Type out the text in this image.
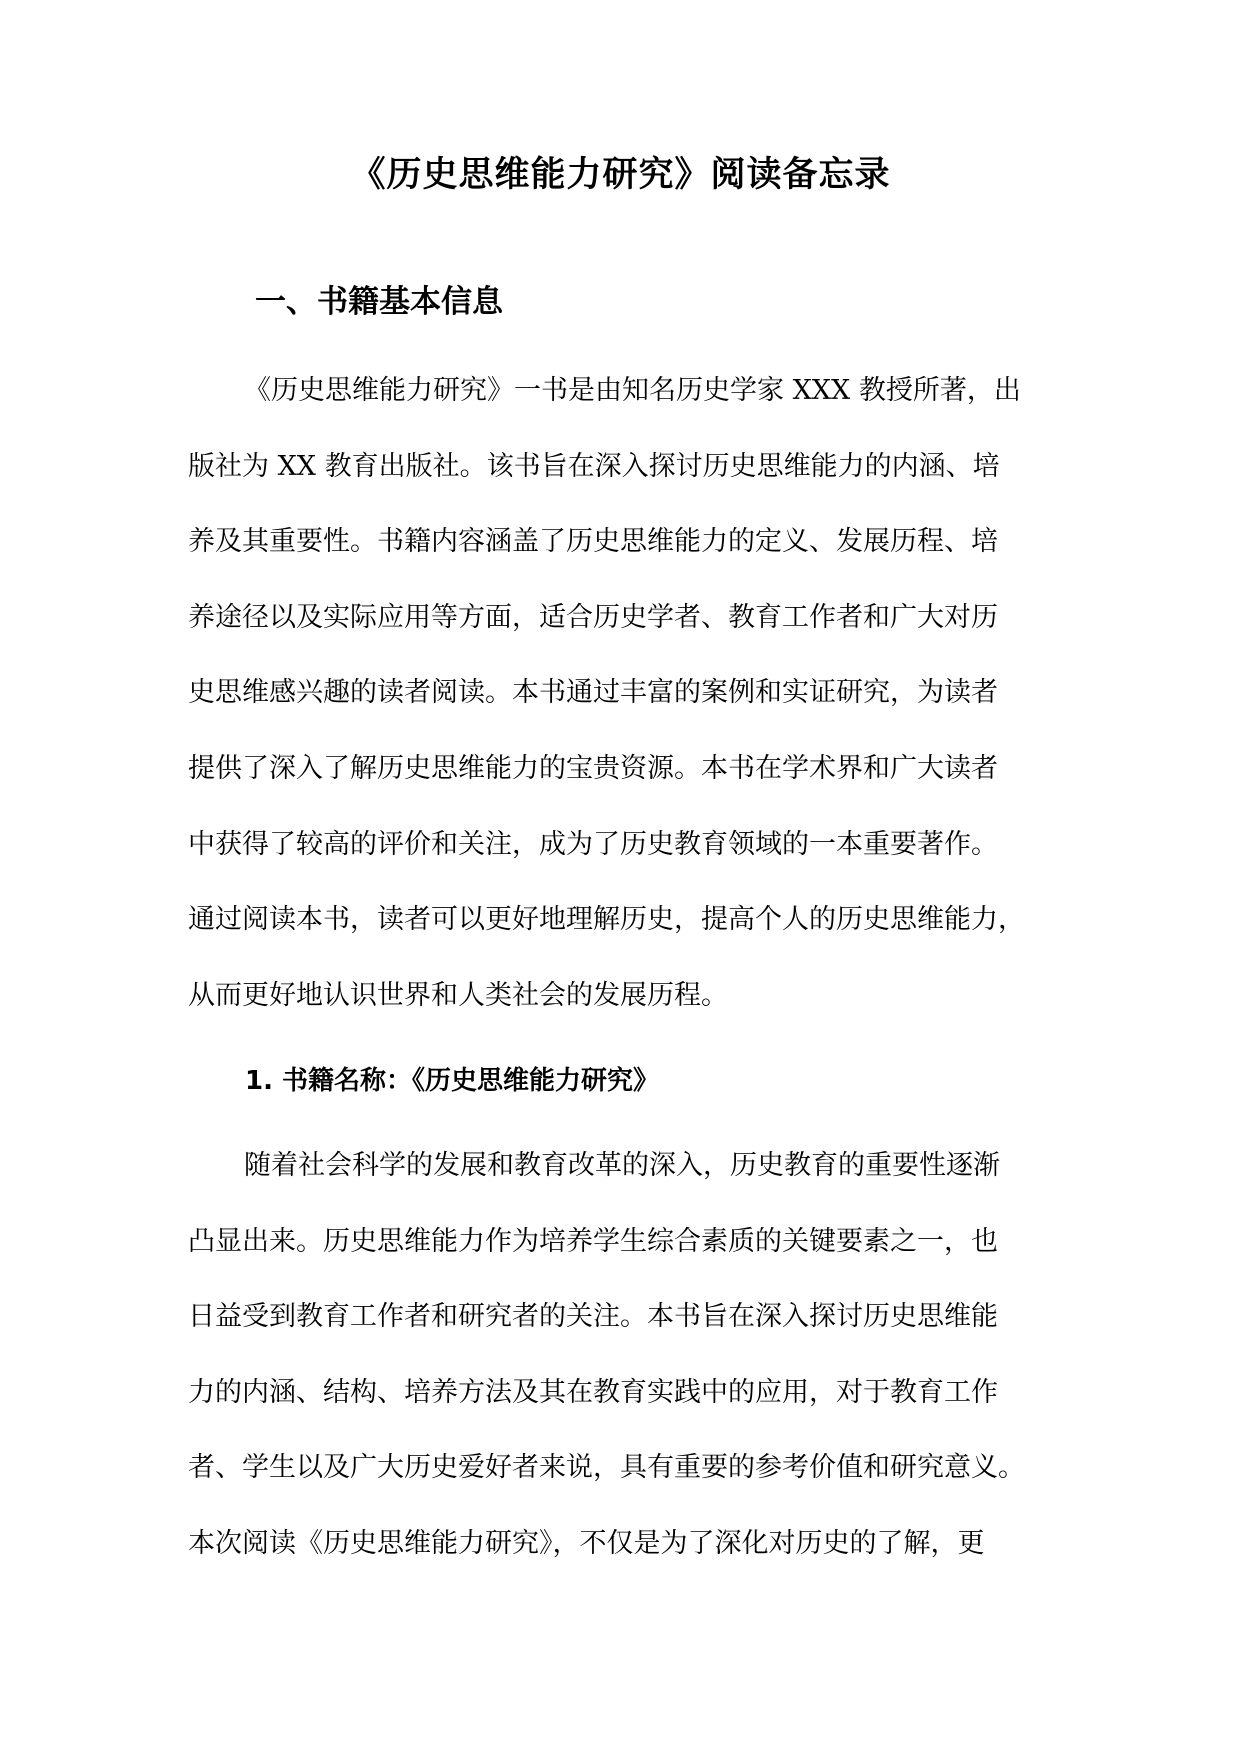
《历史思维能力研究》阅读备忘录
一、书籍基本信息
《历史思维能力研究》一书是由知名历史学家 XXX 教授所著，出
版社为 XX 教育出版社。该书旨在深入探讨历史思维能力的内涵、培
养及其重要性。书籍内容涵盖了历史思维能力的定义、发展历程、培
养途径以及实际应用等方面，适合历史学者、教育工作者和广大对历
史思维感兴趣的读者阅读。本书通过丰富的案例和实证研究，为读者
提供了深入了解历史思维能力的宝贵资源。本书在学术界和广大读者
中获得了较高的评价和关注，成为了历史教育领域的一本重要著作。
通过阅读本书，读者可以更好地理解历史，提高个人的历史思维能力，
从而更好地认识世界和人类社会的发展历程。
1. 书籍名称：《历史思维能力研究》
随着社会科学的发展和教育改革的深入，历史教育的重要性逐渐
凸显出来。历史思维能力作为培养学生综合素质的关键要素之一，也
日益受到教育工作者和研究者的关注。本书旨在深入探讨历史思维能
力的内涵、结构、培养方法及其在教育实践中的应用，对于教育工作
者、学生以及广大历史爱好者来说，具有重要的参考价值和研究意义。
本次阅读《历史思维能力研究》，不仅是为了深化对历史的了解，更
